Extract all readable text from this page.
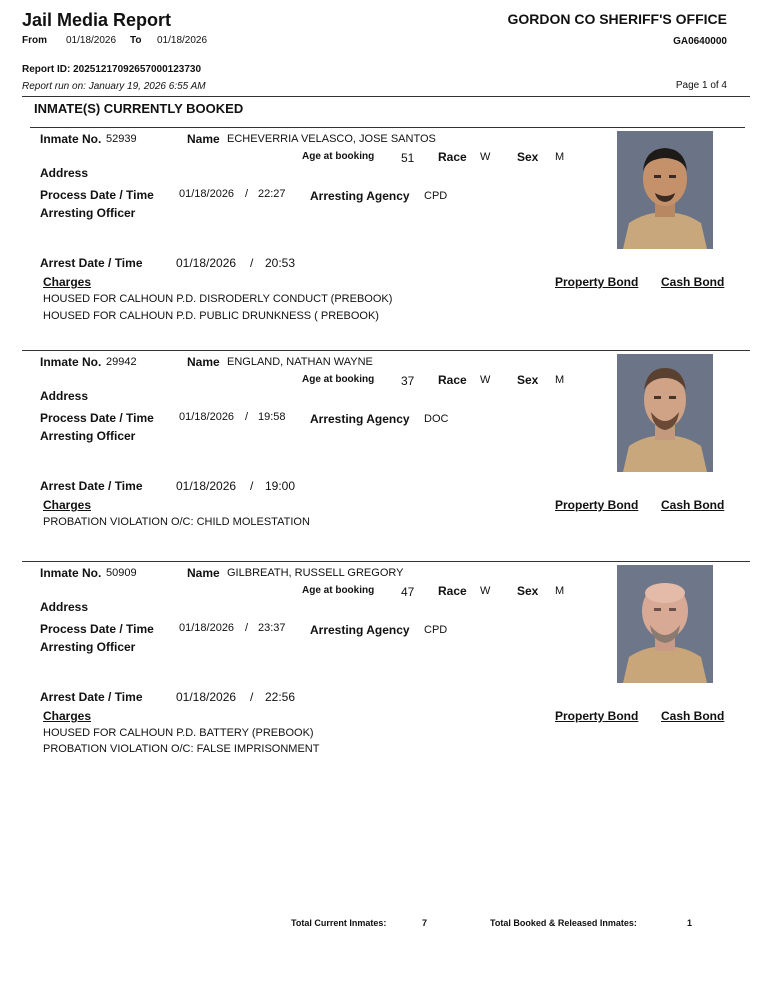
Jail Media Report	GORDON CO SHERIFF'S OFFICE
From 01/18/2026 To 01/18/2026	GA0640000
Report ID: 20251217092657000123730
Report run on: January 19, 2026 6:55 AM	Page 1 of 4
INMATE(S) CURRENTLY BOOKED
Inmate No. 52939	Name ECHEVERRIA VELASCO, JOSE SANTOS
Age at booking 51 Race W Sex M
Address
Process Date / Time 01/18/2026 / 22:27 Arresting Agency CPD
Arresting Officer
Arrest Date / Time	01/18/2026 / 20:53
Charges	Property Bond Cash Bond
HOUSED FOR CALHOUN P.D. DISRODERLY CONDUCT (PREBOOK)
HOUSED FOR CALHOUN P.D. PUBLIC DRUNKNESS ( PREBOOK)
Inmate No. 29942	Name ENGLAND, NATHAN WAYNE
Age at booking 37 Race W Sex M
Address
Process Date / Time 01/18/2026 / 19:58 Arresting Agency DOC
Arresting Officer
Arrest Date / Time	01/18/2026 / 19:00
Charges	Property Bond Cash Bond
PROBATION VIOLATION O/C: CHILD MOLESTATION
Inmate No. 50909	Name GILBREATH, RUSSELL GREGORY
Age at booking 47 Race W Sex M
Address
Process Date / Time 01/18/2026 / 23:37 Arresting Agency CPD
Arresting Officer
Arrest Date / Time	01/18/2026 / 22:56
Charges	Property Bond Cash Bond
HOUSED FOR CALHOUN P.D. BATTERY (PREBOOK)
PROBATION VIOLATION O/C: FALSE IMPRISONMENT
Total Current Inmates:	7	Total Booked & Released Inmates:	1
